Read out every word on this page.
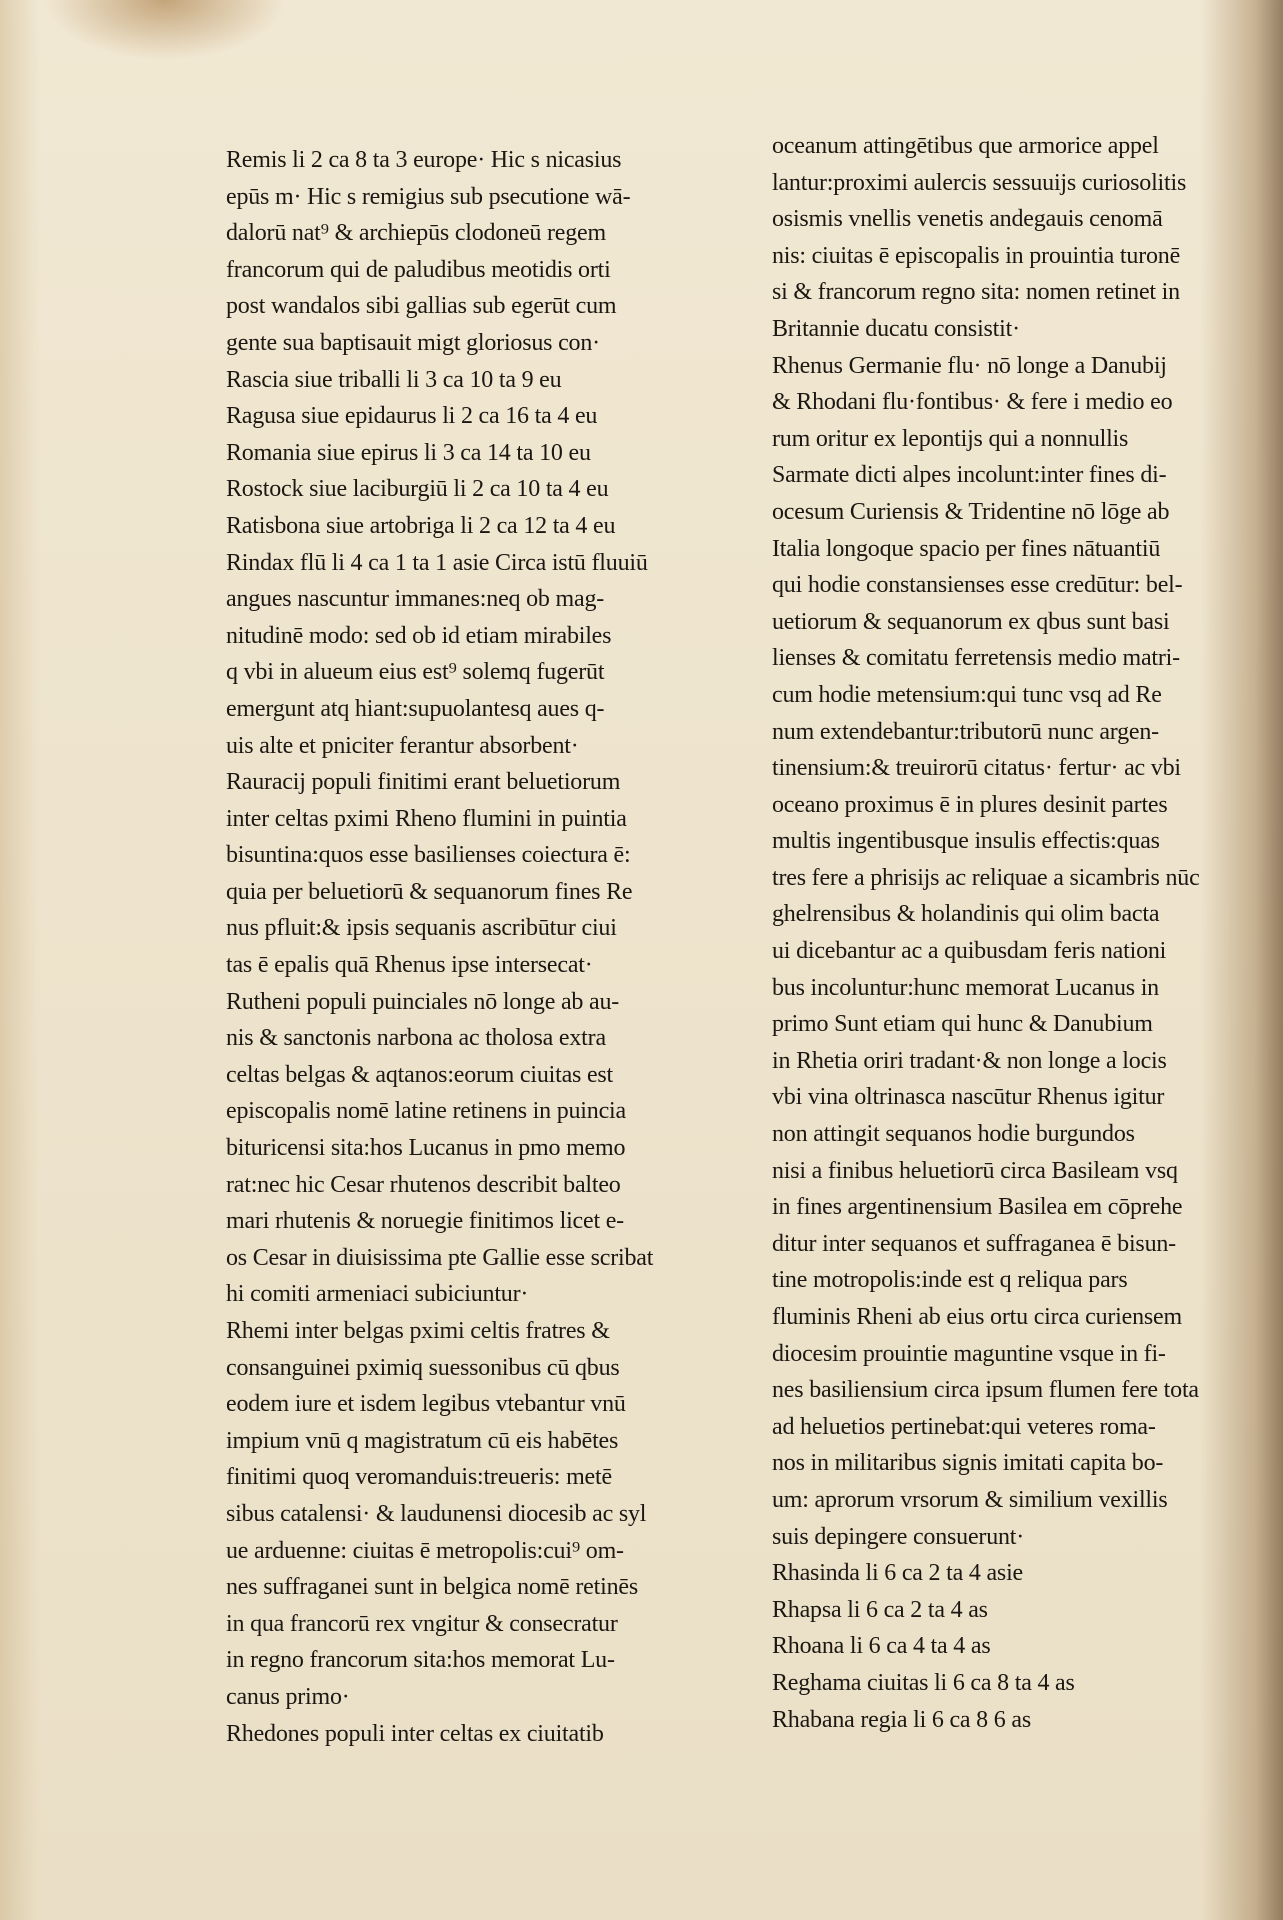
Remis li 2 ca 8 ta 3 europe· Hic s nicasius
epūs m· Hic s remigius sub psecutione wā-
dalorū nat⁹ & archiepūs clodoneū regem
francorum qui de paludibus meotidis orti
post wandalos sibi gallias sub egerūt cum
gente sua baptisauit migt gloriosus con·
Rascia siue triballi li 3 ca 10 ta 9 eu
Ragusa siue epidaurus li 2 ca 16 ta 4 eu
Romania siue epirus li 3 ca 14 ta 10 eu
Rostock siue laciburgiū li 2 ca 10 ta 4 eu
Ratisbona siue artobriga li 2 ca 12 ta 4 eu
Rindax flū li 4 ca 1 ta 1 asie Circa istū fluuiū
angues nascuntur immanes:neq ob mag-
nitudinē modo: sed ob id etiam mirabiles
q vbi in alueum eius est⁹ solemq fugerūt
emergunt atq hiant:supuolantesq aues q-
uis alte et pniciter ferantur absorbent·
Rauracij populi finitimi erant beluetiorum
inter celtas pximi Rheno flumini in puintia
bisuntina:quos esse basilienses coiectura ē:
quia per beluetiorū & sequanorum fines Re
nus pfluit:& ipsis sequanis ascribūtur ciui
tas ē epalis quā Rhenus ipse intersecat·
Rutheni populi puinciales nō longe ab au-
nis & sanctonis narbona ac tholosa extra
celtas belgas & aqtanos:eorum ciuitas est
episcopalis nomē latine retinens in puincia
bituricensi sita:hos Lucanus in pmo memo
rat:nec hic Cesar rhutenos describit balteo
mari rhutenis & noruegie finitimos licet e-
os Cesar in diuisissima pte Gallie esse scribat
hi comiti armeniaci subiciuntur·
Rhemi inter belgas pximi celtis fratres &
consanguinei pximiq suessonibus cū qbus
eodem iure et isdem legibus vtebantur vnū
impium vnū q magistratum cū eis habētes
finitimi quoq veromanduis:treueris: metē
sibus catalensi· & laudunensi diocesib ac syl
ue arduenne: ciuitas ē metropolis:cui⁹ om-
nes suffraganei sunt in belgica nomē retinēs
in qua francorū rex vngitur & consecratur
in regno francorum sita:hos memorat Lu-
canus primo·
Rhedones populi inter celtas ex ciuitatib
oceanum attingētibus que armorice appel
lantur:proximi aulercis sessuuijs curiosolitis
osismis vnellis venetis andegauis cenomā
nis: ciuitas ē episcopalis in prouintia turonē
si & francorum regno sita: nomen retinet in
Britannie ducatu consistit·
Rhenus Germanie flu· nō longe a Danubij
& Rhodani flu·fontibus· & fere i medio eo
rum oritur ex lepontijs qui a nonnullis
Sarmate dicti alpes incolunt:inter fines di-
ocesum Curiensis & Tridentine nō lōge ab
Italia longoque spacio per fines nātuantiū
qui hodie constansienses esse credūtur: bel-
uetiorum & sequanorum ex qbus sunt basi
lienses & comitatu ferretensis medio matri-
cum hodie metensium:qui tunc vsq ad Re
num extendebantur:tributorū nunc argen-
tinensium:& treuirorū citatus· fertur· ac vbi
oceano proximus ē in plures desinit partes
multis ingentibusque insulis effectis:quas
tres fere a phrisijs ac reliquae a sicambris nūc
ghelrensibus & holandinis qui olim bacta
ui dicebantur ac a quibusdam feris nationi
bus incoluntur:hunc memorat Lucanus in
primo Sunt etiam qui hunc & Danubium
in Rhetia oriri tradant·& non longe a locis
vbi vina oltrinasca nascūtur Rhenus igitur
non attingit sequanos hodie burgundos
nisi a finibus heluetiorū circa Basileam vsq
in fines argentinensium Basilea em cōprehe
ditur inter sequanos et suffraganea ē bisun-
tine motropolis:inde est q reliqua pars
fluminis Rheni ab eius ortu circa curiensem
diocesim prouintie maguntine vsque in fi-
nes basiliensium circa ipsum flumen fere tota
ad heluetios pertinebat:qui veteres roma-
nos in militaribus signis imitati capita bo-
um: aprorum vrsorum & similium vexillis
suis depingere consuerunt·
Rhasinda li 6 ca 2 ta 4 asie
Rhapsa li 6 ca 2 ta 4 as
Rhoana li 6 ca 4 ta 4 as
Reghama ciuitas li 6 ca 8 ta 4 as
Rhabana regia li 6 ca 8 6 as
